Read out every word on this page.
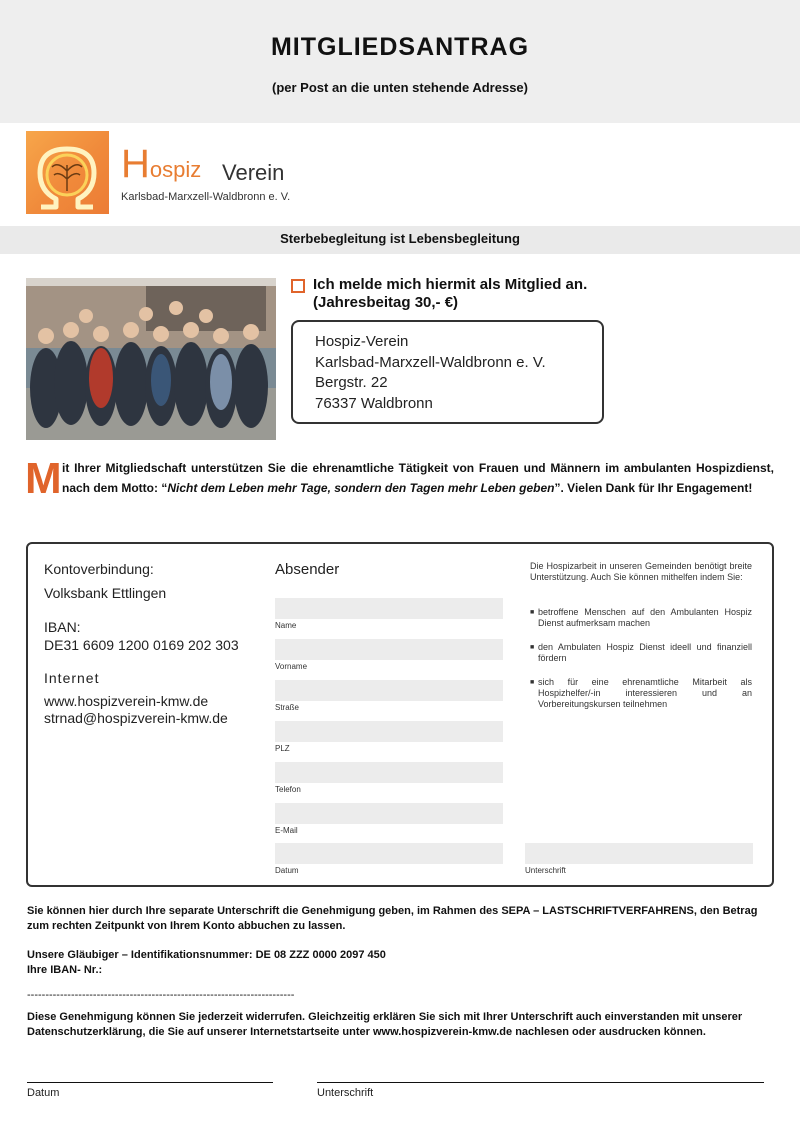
MITGLIEDSANTRAG
(per Post an die unten stehende Adresse)
Hospiz Verein
Karlsbad-Marxzell-Waldbronn e. V.
Sterbebegleitung ist Lebensbegleitung
Ich melde mich hiermit als Mitglied an.
(Jahresbeitag 30,- €)
Hospiz-Verein
Karlsbad-Marxzell-Waldbronn e. V.
Bergstr. 22
76337 Waldbronn
M it Ihrer Mitgliedschaft unterstützen Sie die ehrenamtliche Tätigkeit von Frauen und Männern im ambulanten Hospizdienst, nach dem Motto: “Nicht dem Leben mehr Tage, sondern den Tagen mehr Leben geben”. Vielen Dank für Ihr Engagement!
Kontoverbindung:
Volksbank Ettlingen
IBAN:
DE31 6609 1200 0169 202 303
Internet
www.hospizverein-kmw.de
strnad@hospizverein-kmw.de
Absender
Name
Vorname
Straße
PLZ
Telefon
E-Mail
Datum	Unterschrift
Die Hospizarbeit in unseren Gemeinden benötigt breite Unterstützung. Auch Sie können mithelfen indem Sie:
■ betroffene Menschen auf den Ambulanten Hospiz Dienst aufmerksam machen
■ den Ambulaten Hospiz Dienst ideell und finanziell fördern
■ sich für eine ehrenamtliche Mitarbeit als Hospizhelfer/-in interessieren und an Vorbereitungskursen teilnehmen
Sie können hier durch Ihre separate Unterschrift die Genehmigung geben, im Rahmen des SEPA – LASTSCHRIFTVERFAHRENS, den Betrag zum rechten Zeitpunkt von Ihrem Konto abbuchen zu lassen.
Unsere Gläubiger – Identifikationsnummer: DE 08 ZZZ 0000 2097 450
Ihre IBAN- Nr.:
-------------------------------------------------------------------------
Diese Genehmigung können Sie jederzeit widerrufen. Gleichzeitig erklären Sie sich mit Ihrer Unterschrift auch einverstanden mit unserer Datenschutzerklärung, die Sie auf unserer Internetstartseite unter www.hospizverein-kmw.de nachlesen oder ausdrucken können.
Datum	Unterschrift
